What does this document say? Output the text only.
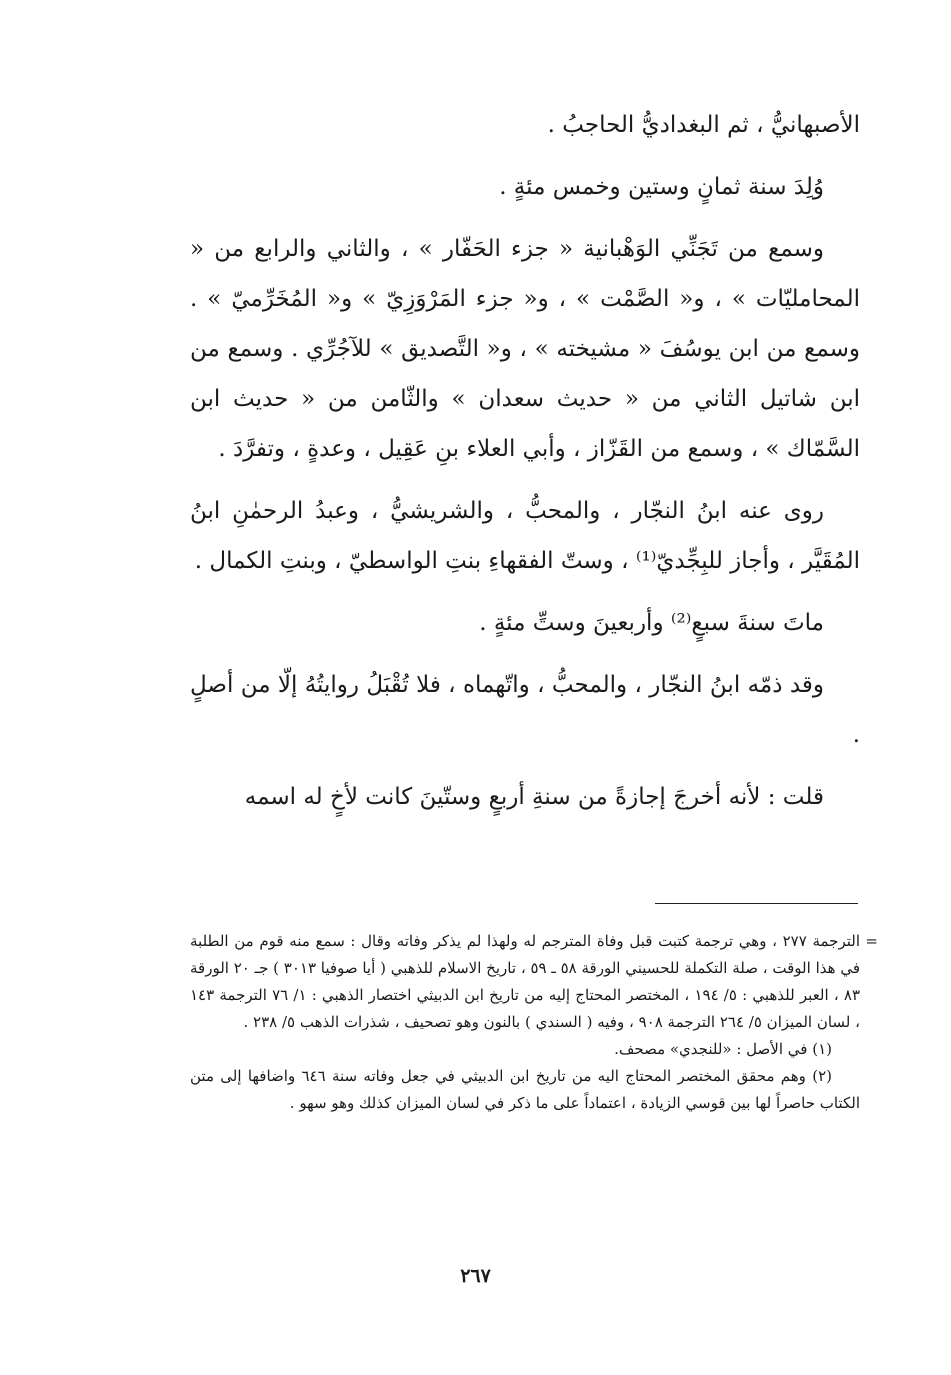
الأصبهانيُّ ، ثم البغداديُّ الحاجبُ .

وُلِدَ سنة ثمانٍ وستين وخمس مئةٍ .

وسمع من تَجَنِّي الوَهْبانية « جزء الحَفّار » ، والثاني والرابع من « المحامليّات » ، و« الصَّمْت » ، و« جزء المَرْوَزِيّ » و« المُخَرِّميّ » . وسمع من ابن يوسُفَ « مشيخته » ، و« التَّصديق » للآجُرِّي . وسمع من ابن شاتيل الثاني من « حديث سعدان » والثّامن من « حديث ابن السَّمّاك » ، وسمع من القَزّاز ، وأبي العلاء بنِ عَقِيل ، وعدةٍ ، وتفرَّدَ .

روى عنه ابنُ النجّار ، والمحبُّ ، والشريشيُّ ، وعبدُ الرحمٰنِ ابنُ المُقَيَّر ، وأجاز للبِجِّديّ⁽¹⁾ ، وستّ الفقهاءِ بنتِ الواسطيّ ، وبنتِ الكمال .

ماتَ سنةَ سبعٍ⁽²⁾ وأربعينَ وستِّ مئةٍ .

وقد ذمّه ابنُ النجّار ، والمحبُّ ، واتّهماه ، فلا تُقْبَلُ روايتُهُ إلّا من أصلٍ .

قلت : لأنه أخرجَ إجازةً من سنةِ أربعٍ وستّينَ كانت لأخٍ له اسمه

=
الترجمة ٢٧٧ ، وهي ترجمة كتبت قبل وفاة المترجم له ولهذا لم يذكر وفاته وقال : سمع منه قوم من الطلبة في هذا الوقت ، صلة التكملة للحسيني الورقة ٥٨ ـ ٥٩ ، تاريخ الاسلام للذهبي ( أيا صوفيا ٣٠١٣ ) جـ ٢٠ الورقة ٨٣ ، العبر للذهبي : ٥/ ١٩٤ ، المختصر المحتاج إليه من تاريخ ابن الدبيثي اختصار الذهبي : ١/ ٧٦ الترجمة ١٤٣ ، لسان الميزان ٥/ ٢٦٤ الترجمة ٩٠٨ ، وفيه ( السندي ) بالنون وهو تصحيف ، شذرات الذهب ٥/ ٢٣٨ .

(١) في الأصل : «للنجدي» مصحف.

(٢) وهم محقق المختصر المحتاج اليه من تاريخ ابن الدبيثي في جعل وفاته سنة ٦٤٦ واضافها إلى متن الكتاب حاصراً لها بين قوسي الزيادة ، اعتماداً على ما ذكر في لسان الميزان كذلك وهو سهو .

٢٦٧
